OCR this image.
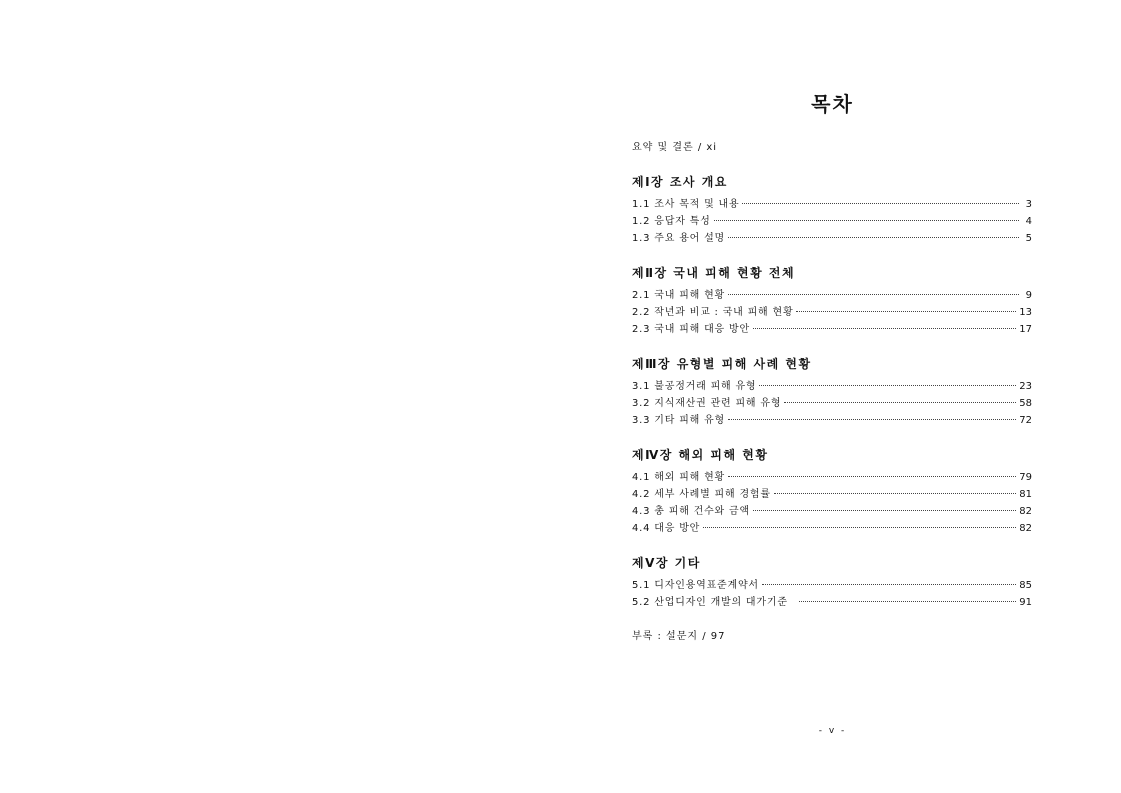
목차
요약 및 결론 / xi
제Ⅰ장 조사 개요
1.1 조사 목적 및 내용	3
1.2 응답자 특성	4
1.3 주요 용어 설명	5
제Ⅱ장 국내 피해 현황 전체
2.1 국내 피해 현황	9
2.2 작년과 비교 : 국내 피해 현황	13
2.3 국내 피해 대응 방안	17
제Ⅲ장 유형별 피해 사례 현황
3.1 불공정거래 피해 유형	23
3.2 지식재산권 관련 피해 유형	58
3.3 기타 피해 유형	72
제Ⅳ장 해외 피해 현황
4.1 해외 피해 현황	79
4.2 세부 사례별 피해 경험률	81
4.3 총 피해 건수와 금액	82
4.4 대응 방안	82
제Ⅴ장 기타
5.1 디자인용역표준계약서	85
5.2 산업디자인 개발의 대가기준	91
부록 : 설문지 / 97
- v -
